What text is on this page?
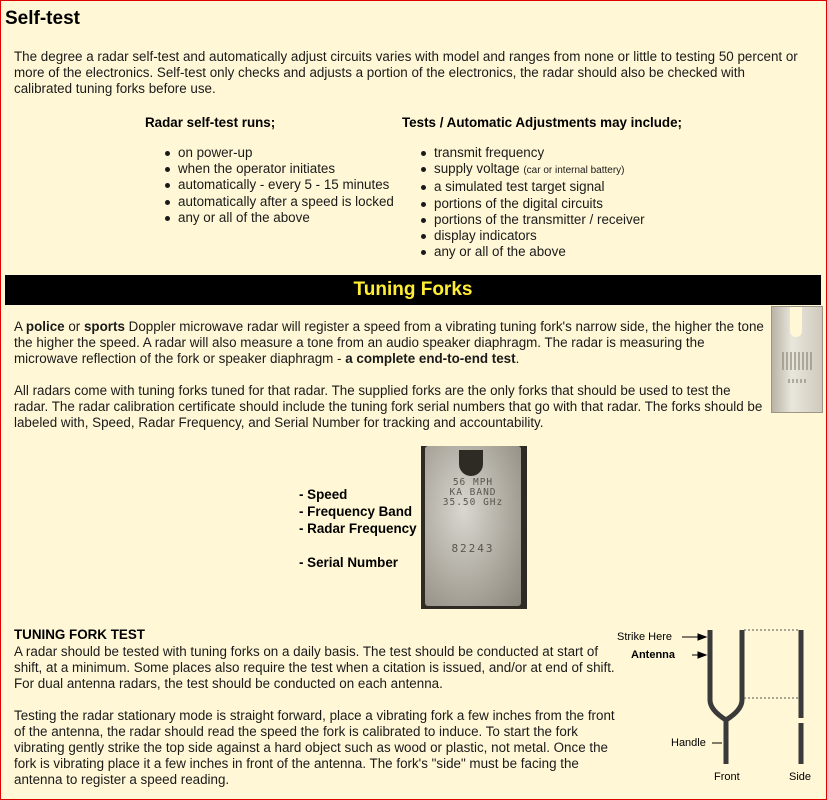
Self-test
The degree a radar self-test and automatically adjust circuits varies with model and ranges from none or little to testing 50 percent or more of the electronics. Self-test only checks and adjusts a portion of the electronics, the radar should also be checked with calibrated tuning forks before use.
Radar self-test runs;	Tests / Automatic Adjustments may include;
on power-up
when the operator initiates
automatically - every 5 - 15 minutes
automatically after a speed is locked
any or all of the above
transmit frequency
supply voltage (car or internal battery)
a simulated test target signal
portions of the digital circuits
portions of the transmitter / receiver
display indicators
any or all of the above
Tuning Forks
A police or sports Doppler microwave radar will register a speed from a vibrating tuning fork's narrow side, the higher the tone the higher the speed. A radar will also measure a tone from an audio speaker diaphragm. The radar is measuring the microwave reflection of the fork or speaker diaphragm - a complete end-to-end test.
All radars come with tuning forks tuned for that radar. The supplied forks are the only forks that should be used to test the radar. The radar calibration certificate should include the tuning fork serial numbers that go with that radar. The forks should be labeled with, Speed, Radar Frequency, and Serial Number for tracking and accountability.
- Speed
- Frequency Band
- Radar Frequency
- Serial Number
56 MPH
KA BAND
35.50 GHz
82243
TUNING FORK TEST
A radar should be tested with tuning forks on a daily basis. The test should be conducted at start of shift, at a minimum. Some places also require the test when a citation is issued, and/or at end of shift. For dual antenna radars, the test should be conducted on each antenna.
Testing the radar stationary mode is straight forward, place a vibrating fork a few inches from the front of the antenna, the radar should read the speed the fork is calibrated to induce. To start the fork vibrating gently strike the top side against a hard object such as wood or plastic, not metal. Once the fork is vibrating place it a few inches in front of the antenna. The fork's "side" must be facing the antenna to register a speed reading.
Strike Here
Antenna
Handle
Front	Side
